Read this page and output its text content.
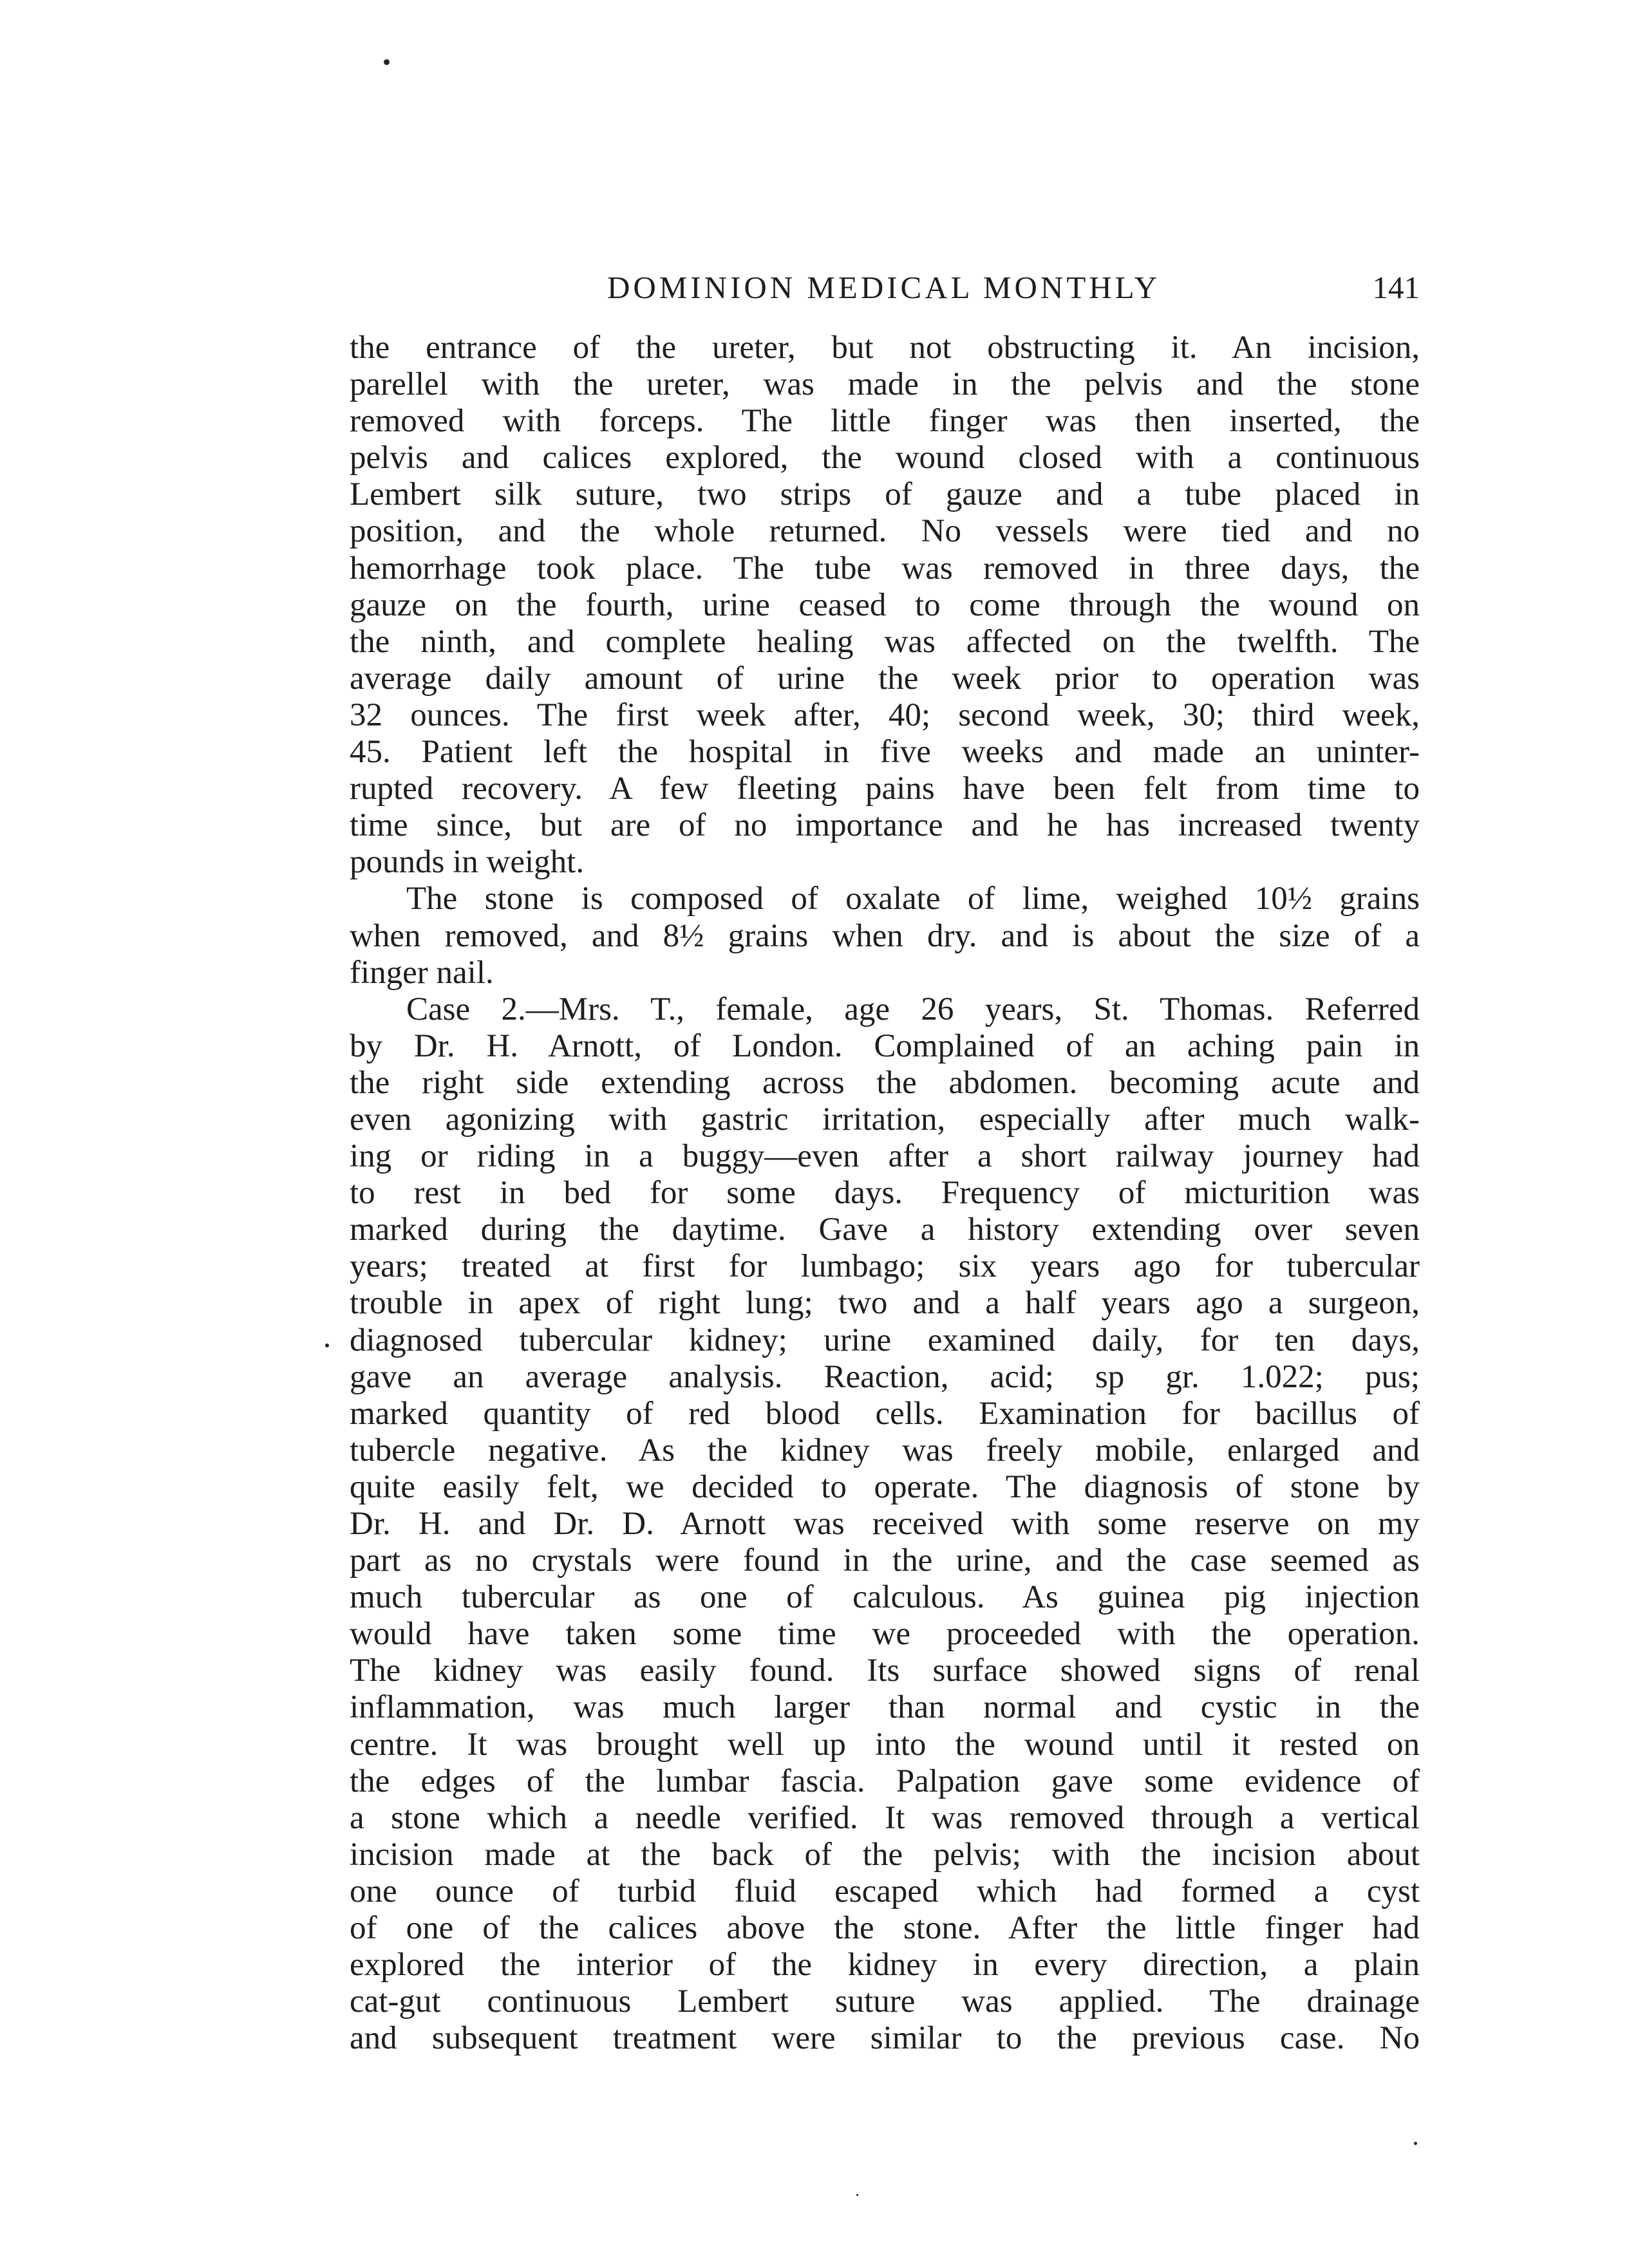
DOMINION MEDICAL MONTHLY	141
the entrance of the ureter, but not obstructing it. An incision,
parellel with the ureter, was made in the pelvis and the stone
removed with forceps. The little finger was then inserted, the
pelvis and calices explored, the wound closed with a continuous
Lembert silk suture, two strips of gauze and a tube placed in
position, and the whole returned. No vessels were tied and no
hemorrhage took place. The tube was removed in three days, the
gauze on the fourth, urine ceased to come through the wound on
the ninth, and complete healing was affected on the twelfth. The
average daily amount of urine the week prior to operation was
32 ounces. The first week after, 40; second week, 30; third week,
45. Patient left the hospital in five weeks and made an uninter-
rupted recovery. A few fleeting pains have been felt from time to
time since, but are of no importance and he has increased twenty
pounds in weight.
The stone is composed of oxalate of lime, weighed 10½ grains
when removed, and 8½ grains when dry. and is about the size of a
finger nail.
Case 2.—Mrs. T., female, age 26 years, St. Thomas. Referred
by Dr. H. Arnott, of London. Complained of an aching pain in
the right side extending across the abdomen. becoming acute and
even agonizing with gastric irritation, especially after much walk-
ing or riding in a buggy—even after a short railway journey had
to rest in bed for some days. Frequency of micturition was
marked during the daytime. Gave a history extending over seven
years; treated at first for lumbago; six years ago for tubercular
trouble in apex of right lung; two and a half years ago a surgeon,
diagnosed tubercular kidney; urine examined daily, for ten days,
gave an average analysis. Reaction, acid; sp gr. 1.022; pus;
marked quantity of red blood cells. Examination for bacillus of
tubercle negative. As the kidney was freely mobile, enlarged and
quite easily felt, we decided to operate. The diagnosis of stone by
Dr. H. and Dr. D. Arnott was received with some reserve on my
part as no crystals were found in the urine, and the case seemed as
much tubercular as one of calculous. As guinea pig injection
would have taken some time we proceeded with the operation.
The kidney was easily found. Its surface showed signs of renal
inflammation, was much larger than normal and cystic in the
centre. It was brought well up into the wound until it rested on
the edges of the lumbar fascia. Palpation gave some evidence of
a stone which a needle verified. It was removed through a vertical
incision made at the back of the pelvis; with the incision about
one ounce of turbid fluid escaped which had formed a cyst
of one of the calices above the stone. After the little finger had
explored the interior of the kidney in every direction, a plain
cat-gut continuous Lembert suture was applied. The drainage
and subsequent treatment were similar to the previous case. No
